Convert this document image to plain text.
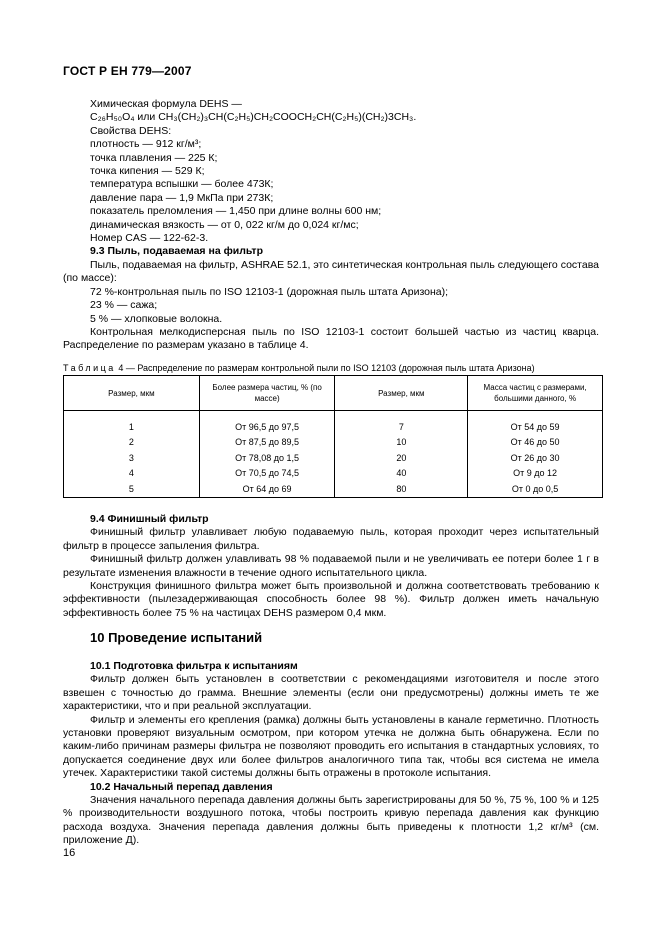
ГОСТ Р ЕН 779—2007

Химическая формула DEHS —

C₂₆H₅₀O₄ или CH₃(CH₂)₃CH(C₂H₅)CH₂COOCH₂CH(C₂H₅)(CH₂)3CH₃.

Свойства DEHS:

плотность — 912 кг/м³;

точка плавления — 225 К;

точка кипения — 529 К;

температура вспышки — более 473К;

давление пара — 1,9 МкПа при 273К;

показатель преломления — 1,450 при длине волны 600 нм;

динамическая вязкость — от 0, 022 кг/м до 0,024 кг/мс;

Номер CAS — 122-62-3.

9.3 Пыль, подаваемая на фильтр

Пыль, подаваемая на фильтр, ASHRAE 52.1, это синтетическая контрольная пыль следующего состава (по массе):

72 %-контрольная пыль по ISO 12103-1 (дорожная пыль штата Аризона);

23 % — сажа;

5 % — хлопковые волокна.

Контрольная мелкодисперсная пыль по ISO 12103-1 состоит большей частью из частиц кварца. Распределение по размерам указано в таблице 4.

Таблица 4 — Распределение по размерам контрольной пыли по ISO 12103 (дорожная пыль штата Аризона)
Размер, мкм	Более размера частиц, % (по массе)	Размер, мкм	Масса частиц с размерами, большими данного, %

1	От 96,5 до 97,5	7	От 54 до 59
2	От 87,5 до 89,5	10	От 46 до 50
3	От 78,08 до 1,5	20	От 26 до 30
4	От 70,5 до 74,5	40	От 9 до 12
5	От 64 до 69	80	От 0 до 0,5

9.4 Финишный фильтр

Финишный фильтр улавливает любую подаваемую пыль, которая проходит через испытательный фильтр в процессе запыления фильтра.

Финишный фильтр должен улавливать 98 % подаваемой пыли и не увеличивать ее потери более 1 г в результате изменения влажности в течение одного испытательного цикла.

Конструкция финишного фильтра может быть произвольной и должна соответствовать требованию к эффективности (пылезадерживающая способность более 98 %). Фильтр должен иметь начальную эффективность более 75 % на частицах DEHS размером 0,4 мкм.

10 Проведение испытаний

10.1 Подготовка фильтра к испытаниям

Фильтр должен быть установлен в соответствии с рекомендациями изготовителя и после этого взвешен с точностью до грамма. Внешние элементы (если они предусмотрены) должны иметь те же характеристики, что и при реальной эксплуатации.

Фильтр и элементы его крепления (рамка) должны быть установлены в канале герметично. Плотность установки проверяют визуальным осмотром, при котором утечка не должна быть обнаружена. Если по каким-либо причинам размеры фильтра не позволяют проводить его испытания в стандартных условиях, то допускается соединение двух или более фильтров аналогичного типа так, чтобы вся система не имела утечек. Характеристики такой системы должны быть отражены в протоколе испытания.

10.2 Начальный перепад давления

Значения начального перепада давления должны быть зарегистрированы для 50 %, 75 %, 100 % и 125 % производительности воздушного потока, чтобы построить кривую перепада давления как функцию расхода воздуха. Значения перепада давления должны быть приведены к плотности 1,2 кг/м³ (см. приложение Д).

16
